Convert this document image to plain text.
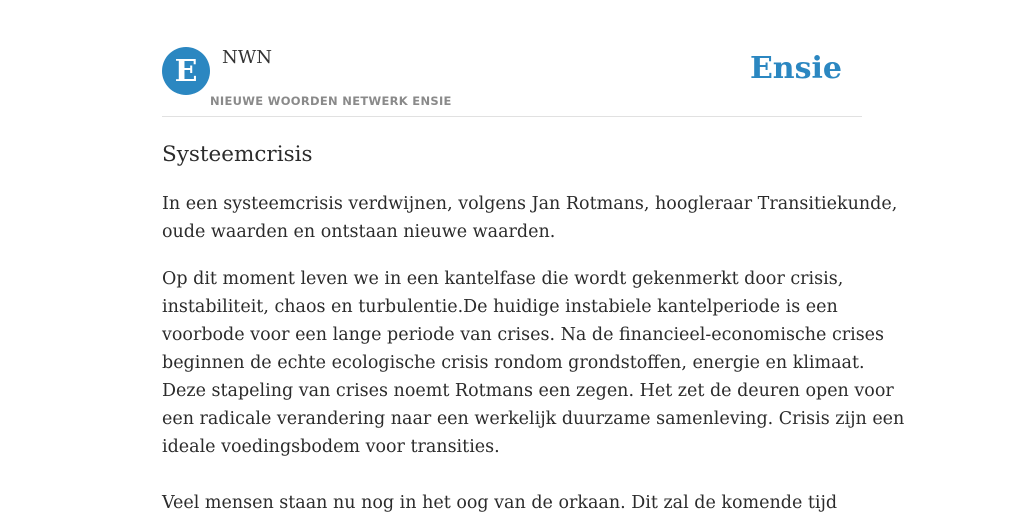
E NWN
NIEUWE WOORDEN NETWERK ENSIE
Ensie
Systeemcrisis

In een systeemcrisis verdwijnen, volgens Jan Rotmans, hoogleraar Transitiekunde,
oude waarden en ontstaan nieuwe waarden.

Op dit moment leven we in een kantelfase die wordt gekenmerkt door crisis,
instabiliteit, chaos en turbulentie.De huidige instabiele kantelperiode is een
voorbode voor een lange periode van crises. Na de financieel-economische crises
beginnen de echte ecologische crisis rondom grondstoffen, energie en klimaat.
Deze stapeling van crises noemt Rotmans een zegen. Het zet de deuren open voor
een radicale verandering naar een werkelijk duurzame samenleving. Crisis zijn een
ideale voedingsbodem voor transities.

Veel mensen staan nu nog in het oog van de orkaan. Dit zal de komende tijd
